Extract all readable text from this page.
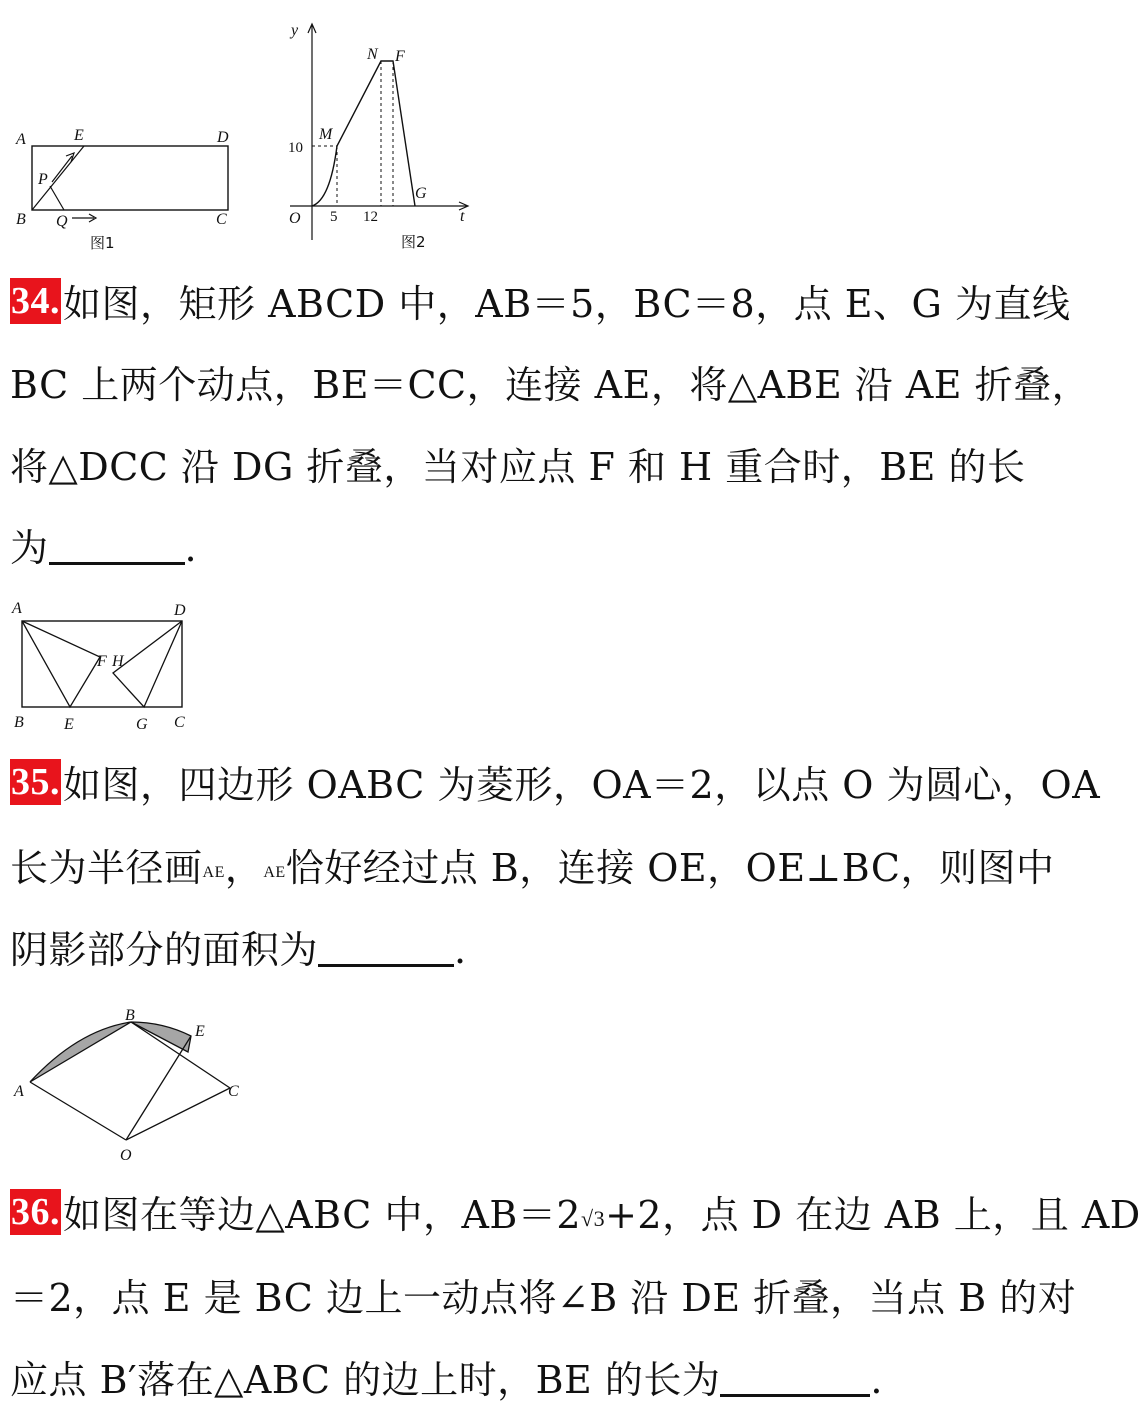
A	E	D
P
B Q	C
图1
y
N F
M
G
O	t
10
5 12
图2
34.如图，矩形 ABCD 中，AB＝5，BC＝8，点 E、G 为直线
BC 上两个动点，BE＝CC，连接 AE，将△ABE 沿 AE 折叠，
将△DCC 沿 DG 折叠，当对应点 F 和 H 重合时，BE 的长
为	.
A	D
F H
B	E	G C
35.如图，四边形 OABC 为菱形，OA＝2，以点 O 为圆心，OA
长为半径画AE，AE恰好经过点 B，连接 OE，OE⊥BC，则图中
阴影部分的面积为	.
B
E
A	C
O
36.如图在等边△ABC 中，AB＝2√3+2，点 D 在边 AB 上，且 AD
＝2，点 E 是 BC 边上一动点将∠B 沿 DE 折叠，当点 B 的对
应点 B′落在△ABC 的边上时，BE 的长为	.
